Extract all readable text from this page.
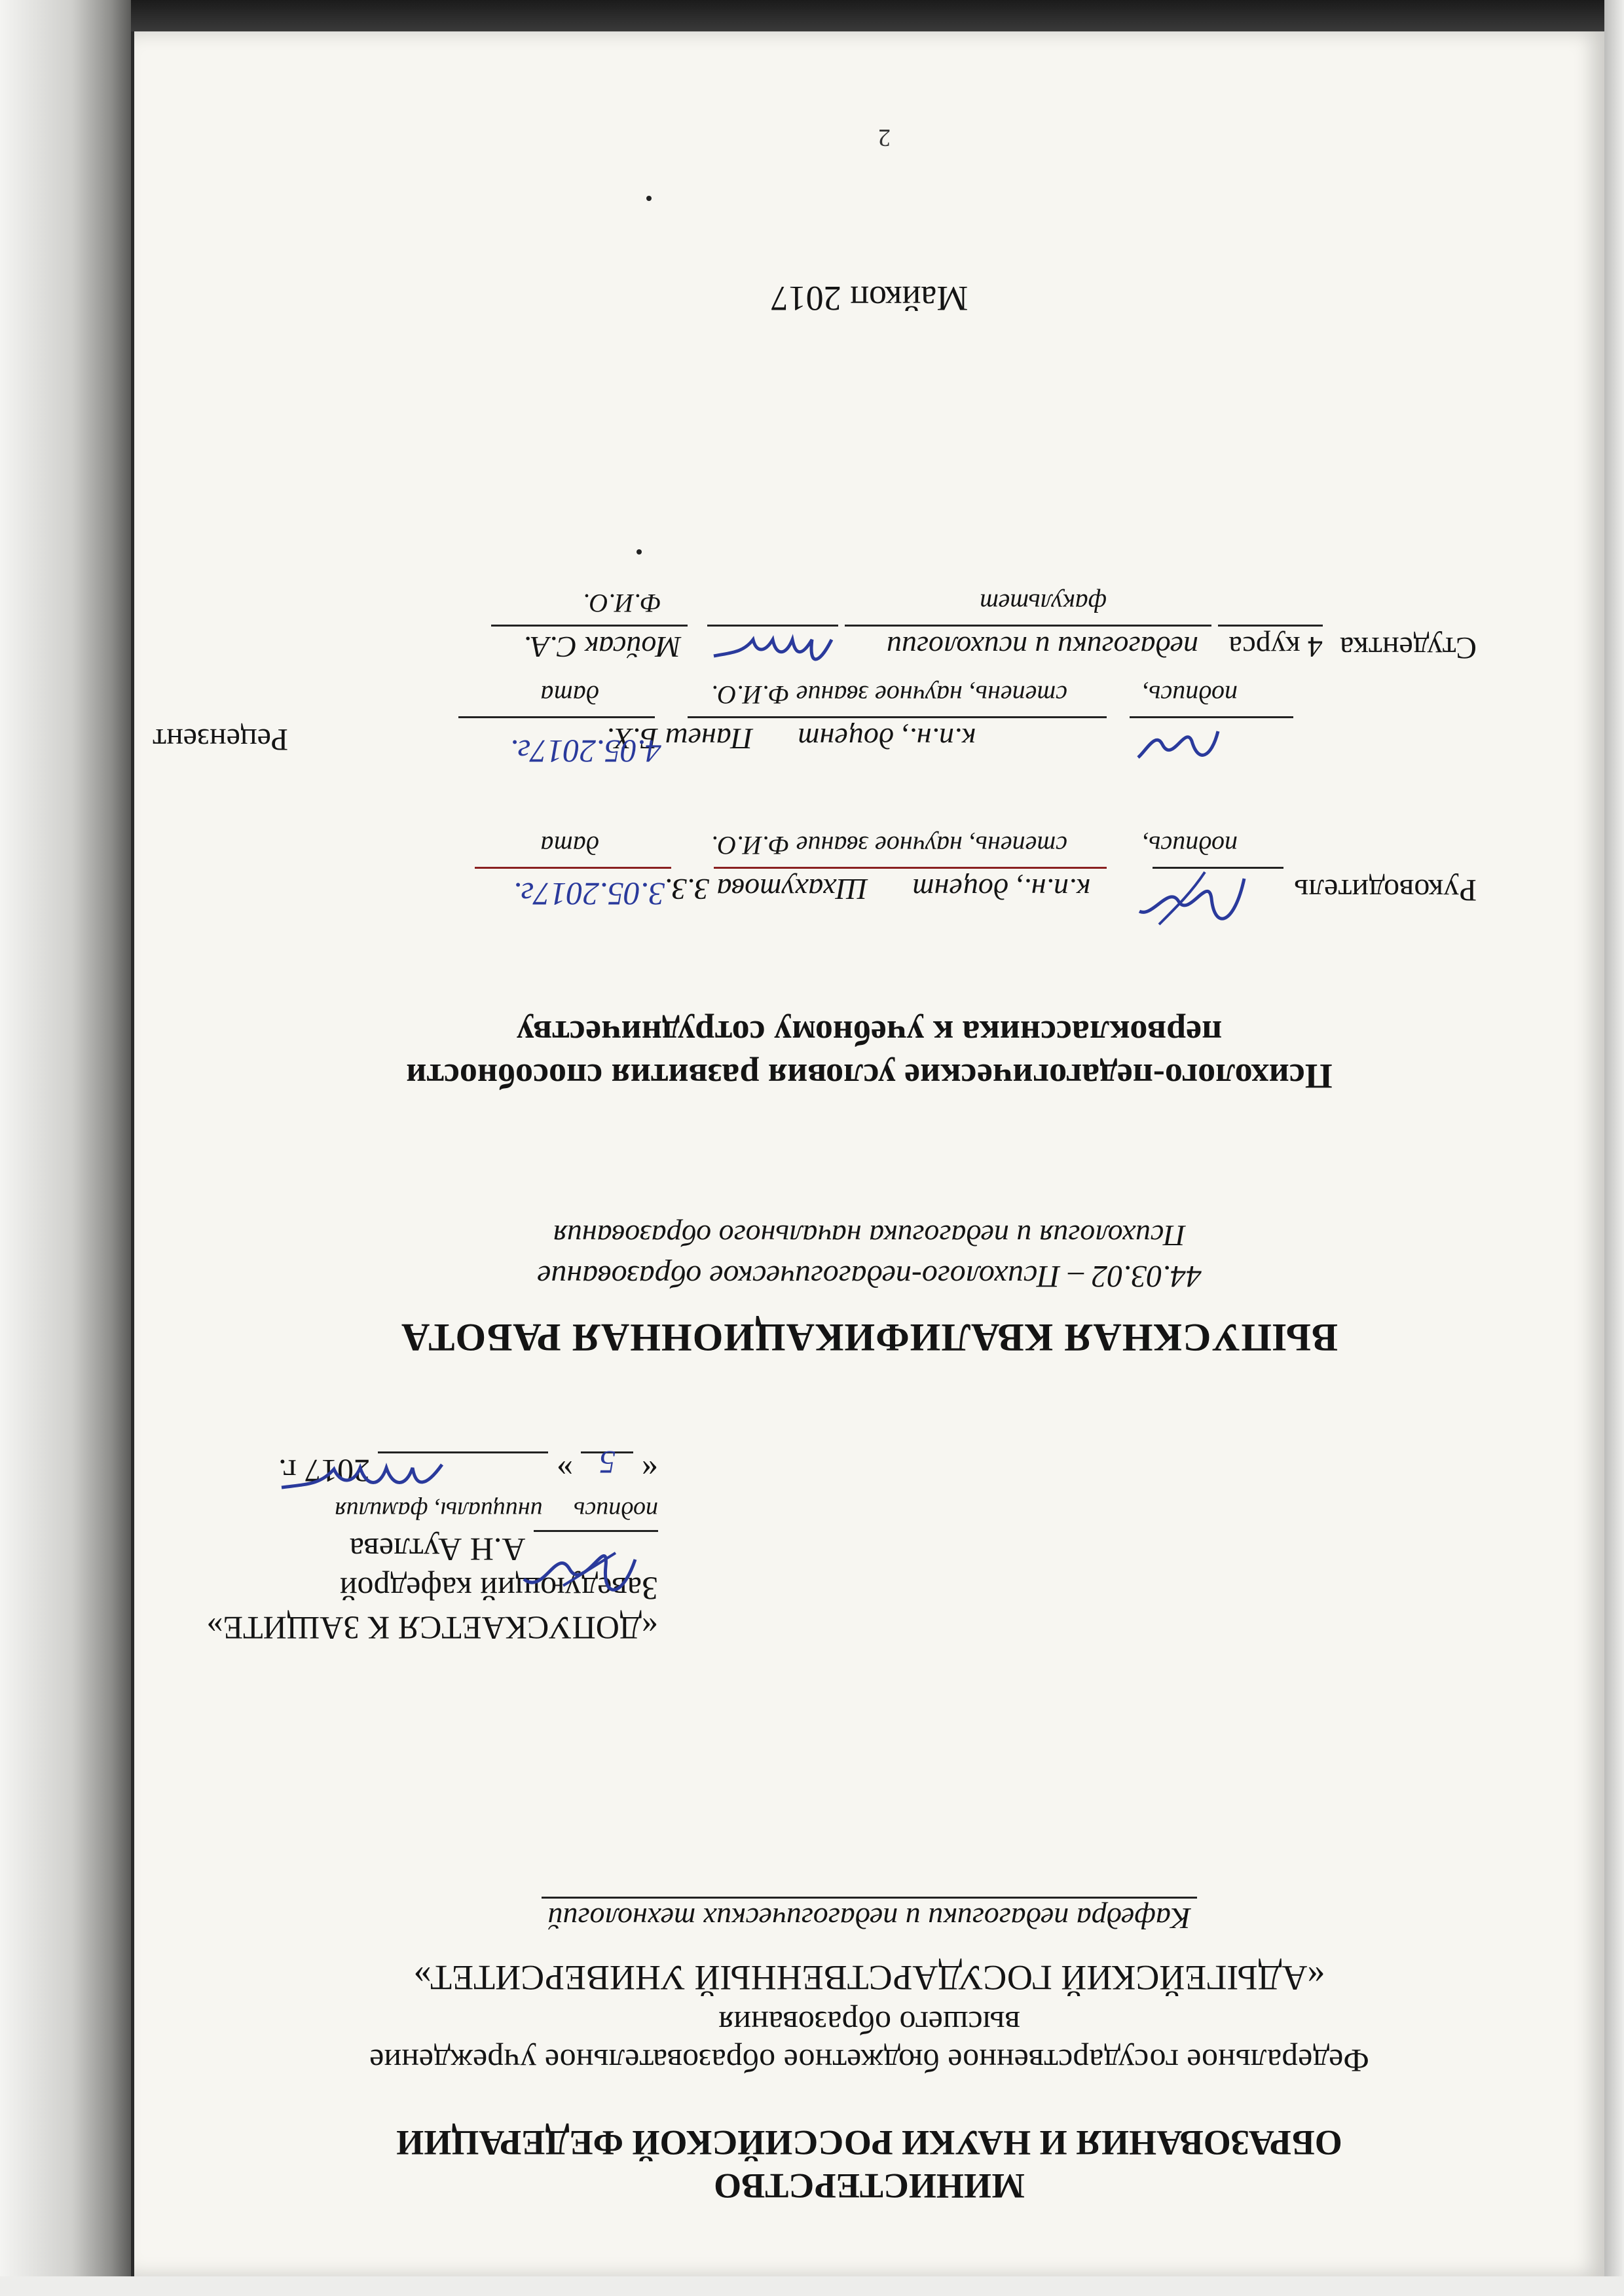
МИНИСТЕРСТВО
ОБРАЗОВАНИЯ И НАУКИ РОССИЙСКОЙ ФЕДЕРАЦИИ
Федеральное государственное бюджетное образовательное учреждение
высшего образования
«АДЫГЕЙСКИЙ ГОСУДАРСТВЕННЫЙ УНИВЕРСИТЕТ»
Кафедра педагогики и педагогических технологий
«ДОПУСКАЕТСЯ К ЗАЩИТЕ»
Заведующий кафедрой
А.Н Аутлева
подпись     инициалы, фамилия
« 5 »  2017 г.
ВЫПУСКНАЯ КВАЛИФИКАЦИОННАЯ РАБОТА
44.03.02 – Психолого-педагогическое образование
Психология и педагогика начального образования
Психолого-педагогические условия развития способности
первоклассника к учебному сотрудничеству
Руководитель
к.п.н., доцент
Шхахутова З.З.
3.05.2017г.
подпись,
степень, научное звание Ф.И.О.
дата
Рецензент	к.п.н., доцент
Панеш Б.Х.
4.05.2017г.
подпись,
степень, научное звание Ф.И.О.
дата
Студентка
4 курса
педагогики и психологии
Мойсак С.А.
факультет
Ф.И.О.
Майкоп 2017
2
